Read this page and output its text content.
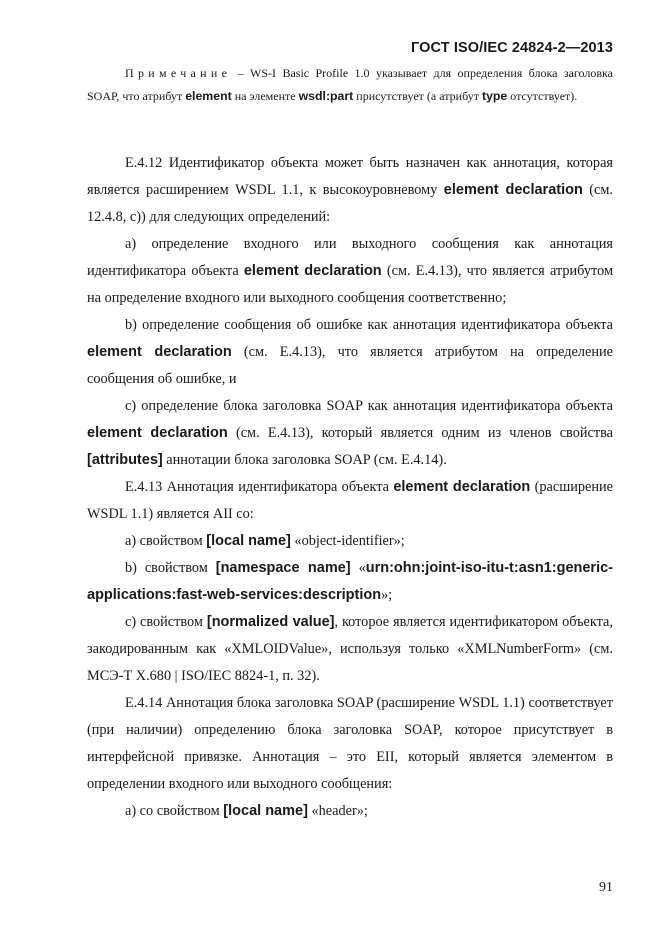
ГОСТ ISO/IEC 24824-2—2013
Примечание – WS-I Basic Profile 1.0 указывает для определения блока заголовка SOAP, что атрибут element на элементе wsdl:part присутствует (а атрибут type отсутствует).

E.4.12 Идентификатор объекта может быть назначен как аннотация, которая является расширением WSDL 1.1, к высокоуровневому element declaration (см. 12.4.8, с)) для следующих определений:

a) определение входного или выходного сообщения как аннотация идентификатора объекта element declaration (см. E.4.13), что является атрибутом на определение входного или выходного сообщения соответственно;

b) определение сообщения об ошибке как аннотация идентификатора объекта element declaration (см. E.4.13), что является атрибутом на определение сообщения об ошибке, и

c) определение блока заголовка SOAP как аннотация идентификатора объекта element declaration (см. E.4.13), который является одним из членов свойства [attributes] аннотации блока заголовка SOAP (см. E.4.14).

E.4.13 Аннотация идентификатора объекта element declaration (расширение WSDL 1.1) является AII со:

a) свойством [local name] «object-identifier»;

b) свойством [namespace name] «urn:ohn:joint-iso-itu-t:asn1:generic-applications:fast-web-services:description»;

c) свойством [normalized value], которое является идентификатором объекта, закодированным как «XMLOIDValue», используя только «XMLNumberForm» (см. МСЭ-Т X.680 | ISO/IEC 8824-1, п. 32).

E.4.14 Аннотация блока заголовка SOAP (расширение WSDL 1.1) соответствует (при наличии) определению блока заголовка SOAP, которое присутствует в интерфейсной привязке. Аннотация – это EII, который является элементом в определении входного или выходного сообщения:

a) со свойством [local name] «header»;

91
